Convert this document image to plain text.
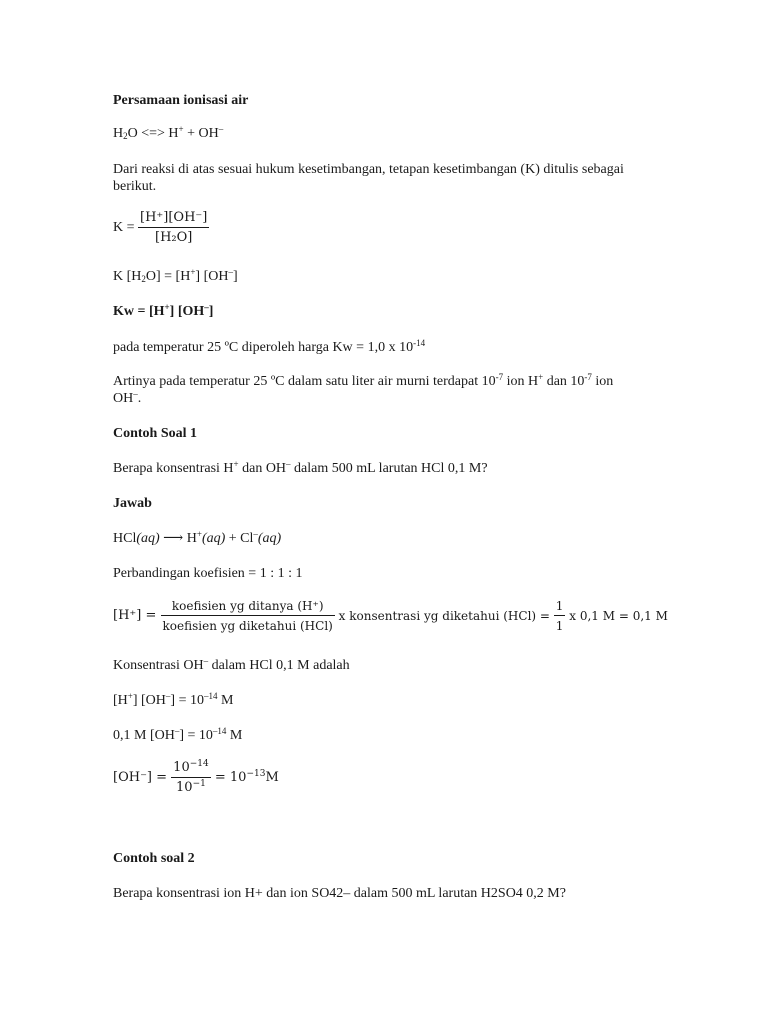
Persamaan ionisasi air
$H_2O$ <=> H+ + OH–
Dari reaksi di atas sesuai hukum kesetimbangan, tetapan kesetimbangan (K) ditulis sebagai berikut.
$K = \frac{[H^+][OH^-]}{\text{[H₂O]}}$
K $[H_2O] = [H^+]$ [OH–]
Kw = [H+] [OH–]
pada temperatur 25 ºC diperoleh harga Kw = 1,0 x $10^{-14}$
Artinya pada temperatur 25 ºC dalam satu liter air murni terdapat $10^{-7}$ ion H+ dan $10^{-7}$ ion
OH–.
Contoh Soal 1
Berapa konsentrasi H+ dan OH– dalam 500 mL larutan HCl 0,1 M?
Jawab
HCl(aq) ⟶ H+(aq) + Cl–(aq)
Perbandingan koefisien = 1 : 1 : 1
$[H^+] = \frac{\text{koefisien yg ditanya (H⁺)}}{\text{koefisien yg diketahui (HCl)}}$ x konsentrasi yg diketahui $(HCl) = \frac{1}{1}$ x 0,1 M = 0,1 M
Konsentrasi OH– dalam HCl 0,1 M adalah
[H+] $[OH^-] = 10^{-14}$ M
0,1 M $[OH^-] = 10^{-14}$ M
$[OH^-] = \frac{10^{-14}}{10^{-1}} = 10^{-13}M$
Contoh soal 2
Berapa konsentrasi ion H+ dan ion SO42– dalam 500 mL larutan H2SO4 0,2 M?
